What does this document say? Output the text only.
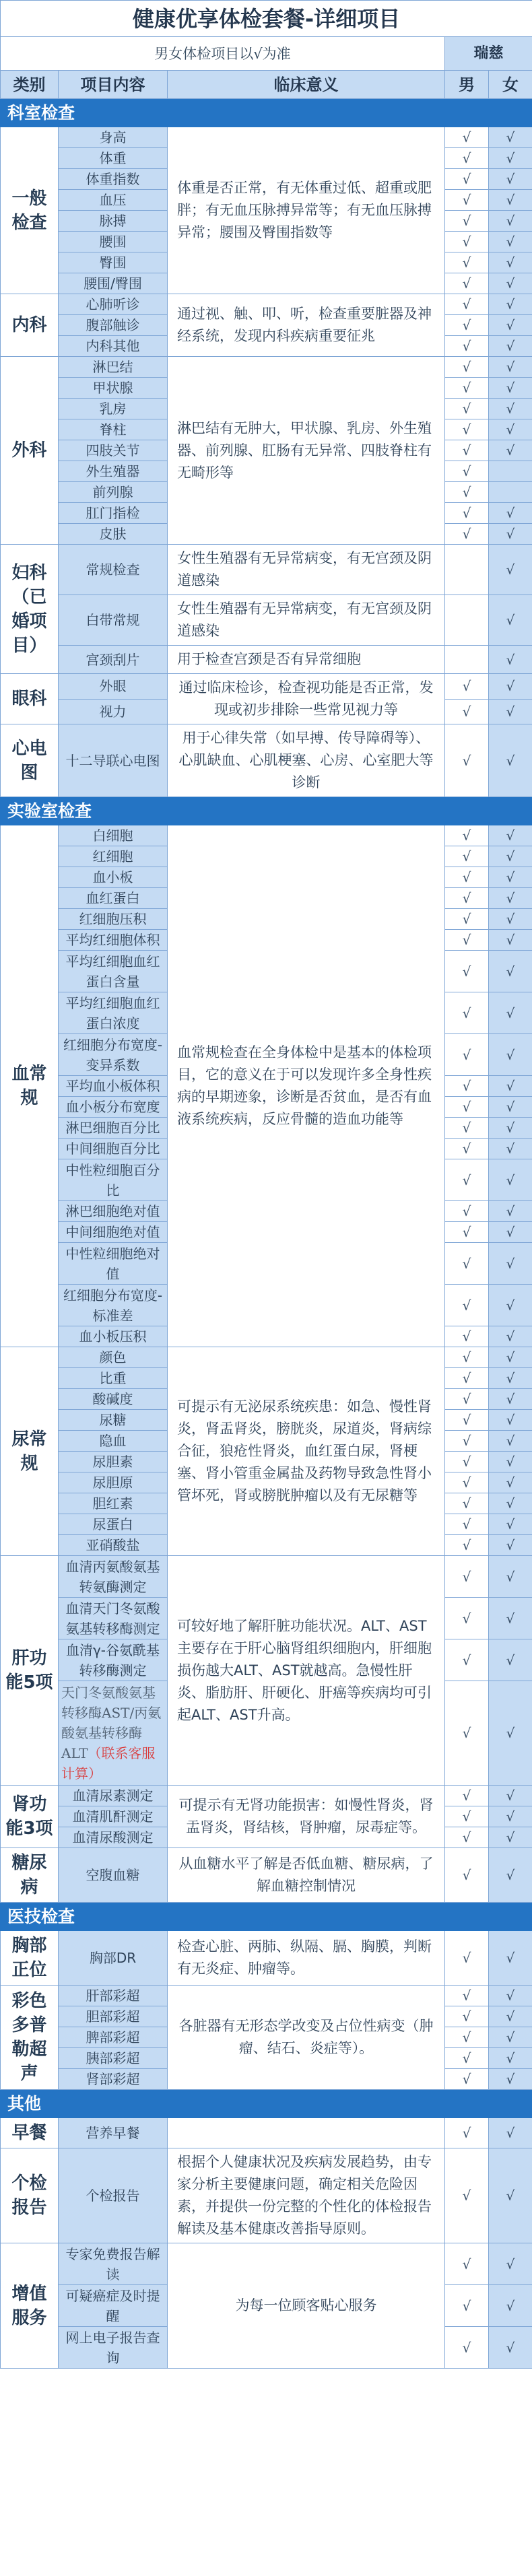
健康优享体检套餐-详细项目				
男女体检项目以√为准			瑞慈	
类别	项目内容	临床意义	男	女
科室检查				
一般检查	身高	体重是否正常，有无体重过低、超重或肥胖；有无血压脉搏异常等；有无血压脉搏异常；腰围及臀围指数等	√	√
	体重		√	√
	体重指数		√	√
	血压		√	√
	脉搏		√	√
	腰围		√	√
	臀围		√	√
	腰围/臀围		√	√
内科	心肺听诊	通过视、触、叩、听，检查重要脏器及神经系统，发现内科疾病重要征兆	√	√
	腹部触诊		√	√
	内科其他		√	√
外科	淋巴结	淋巴结有无肿大，甲状腺、乳房、外生殖器、前列腺、肛肠有无异常、四肢脊柱有无畸形等	√	√
	甲状腺		√	√
	乳房		√	√
	脊柱		√	√
	四肢关节		√	√
	外生殖器		√	
	前列腺		√	
	肛门指检		√	√
	皮肤		√	√
妇科（已婚项目）	常规检查	女性生殖器有无异常病变，有无宫颈及阴道感染		√
	白带常规	女性生殖器有无异常病变，有无宫颈及阴道感染		√
	宫颈刮片	用于检查宫颈是否有异常细胞		√
眼科	外眼	通过临床检诊，检查视功能是否正常，发现或初步排除一些常见视力等	√	√
	视力		√	√
心电图	十二导联心电图	用于心律失常（如早搏、传导障碍等）、心肌缺血、心肌梗塞、心房、心室肥大等诊断	√	√
实验室检查				
血常规	白细胞	血常规检查在全身体检中是基本的体检项目，它的意义在于可以发现许多全身性疾病的早期迹象，诊断是否贫血，是否有血液系统疾病，反应骨髓的造血功能等	√	√
	红细胞		√	√
	血小板		√	√
	血红蛋白		√	√
	红细胞压积		√	√
	平均红细胞体积		√	√
	平均红细胞血红蛋白含量		√	√
	平均红细胞血红蛋白浓度		√	√
	红细胞分布宽度-变异系数		√	√
	平均血小板体积		√	√
	血小板分布宽度		√	√
	淋巴细胞百分比		√	√
	中间细胞百分比		√	√
	中性粒细胞百分比		√	√
	淋巴细胞绝对值		√	√
	中间细胞绝对值		√	√
	中性粒细胞绝对值		√	√
	红细胞分布宽度-标准差		√	√
	血小板压积		√	√
尿常规	颜色	可提示有无泌尿系统疾患：如急、慢性肾炎，肾盂肾炎，膀胱炎，尿道炎，肾病综合征，狼疮性肾炎，血红蛋白尿，肾梗塞、肾小管重金属盐及药物导致急性肾小管坏死，肾或膀胱肿瘤以及有无尿糖等	√	√
	比重		√	√
	酸碱度		√	√
	尿糖		√	√
	隐血		√	√
	尿胆素		√	√
	尿胆原		√	√
	胆红素		√	√
	尿蛋白		√	√
	亚硝酸盐		√	√
肝功能5项	血清丙氨酸氨基转氨酶测定	可较好地了解肝脏功能状况。ALT、AST主要存在于肝心脑肾组织细胞内，肝细胞损伤越大ALT、AST就越高。急慢性肝炎、脂肪肝、肝硬化、肝癌等疾病均可引起ALT、AST升高。	√	√
	血清天门冬氨酸氨基转移酶测定		√	√
	血清γ-谷氨酰基转移酶测定		√	√
	天门冬氨酸氨基转移酶AST/丙氨酸氨基转移酶ALT（联系客服计算）		√	√
肾功能3项	血清尿素测定	可提示有无肾功能损害：如慢性肾炎，肾盂肾炎，肾结核，肾肿瘤，尿毒症等。	√	√
	血清肌酐测定		√	√
	血清尿酸测定		√	√
糖尿病	空腹血糖	从血糖水平了解是否低血糖、糖尿病，了解血糖控制情况	√	√
医技检查				
胸部正位	胸部DR	检查心脏、两肺、纵隔、膈、胸膜，判断有无炎症、肿瘤等。	√	√
彩色多普勒超声	肝部彩超	各脏器有无形态学改变及占位性病变（肿瘤、结石、炎症等）。	√	√
	胆部彩超		√	√
	脾部彩超		√	√
	胰部彩超		√	√
	肾部彩超		√	√
其他				
早餐	营养早餐		√	√
个检报告	个检报告	根据个人健康状况及疾病发展趋势，由专家分析主要健康问题，确定相关危险因素，并提供一份完整的个性化的体检报告解读及基本健康改善指导原则。	√	√
增值服务	专家免费报告解读	为每一位顾客贴心服务	√	√
	可疑癌症及时提醒		√	√
	网上电子报告查询		√	√
